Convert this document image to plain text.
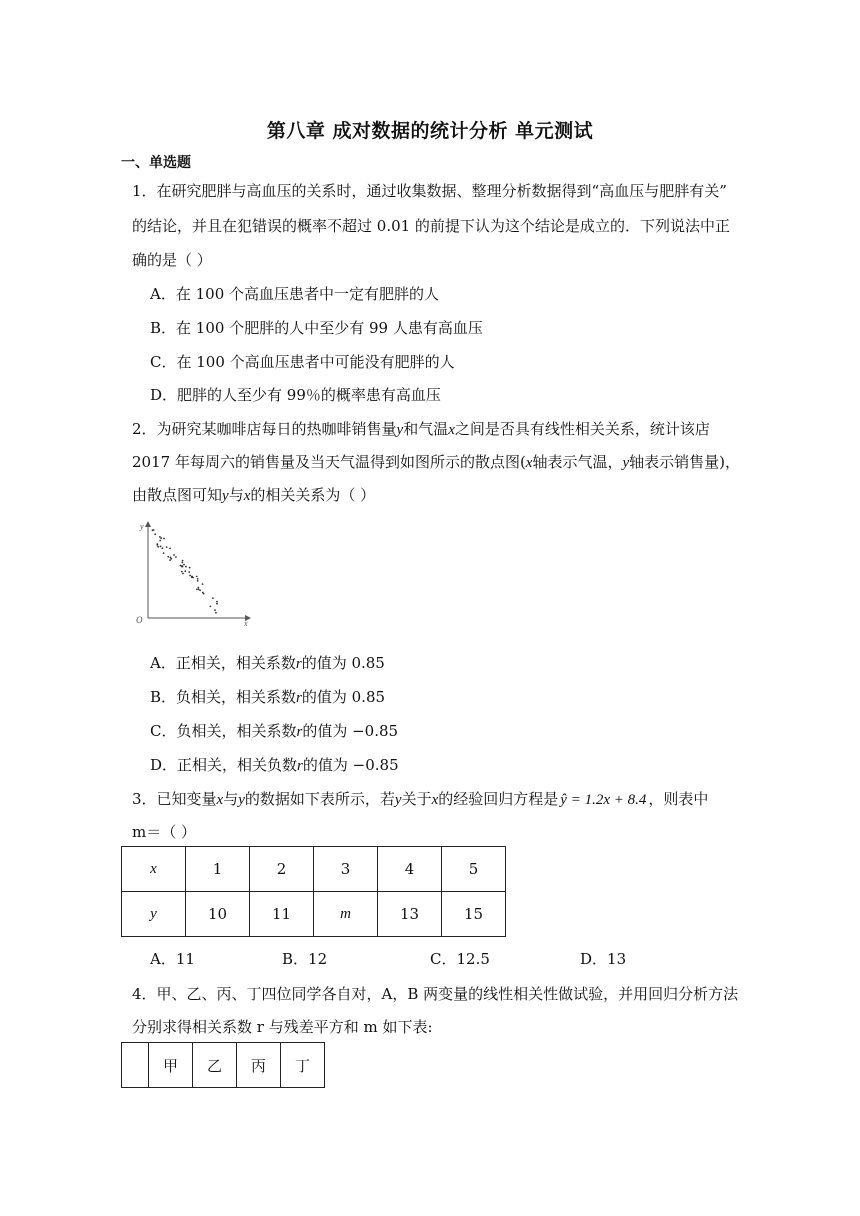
第八章 成对数据的统计分析 单元测试
一、单选题
1．在研究肥胖与高血压的关系时，通过收集数据、整理分析数据得到“高血压与肥胖有关”
的结论，并且在犯错误的概率不超过 0.01 的前提下认为这个结论是成立的．下列说法中正
确的是（ ）
A．在 100 个高血压患者中一定有肥胖的人
B．在 100 个肥胖的人中至少有 99 人患有高血压
C．在 100 个高血压患者中可能没有肥胖的人
D．肥胖的人至少有 99％的概率患有高血压
2．为研究某咖啡店每日的热咖啡销售量y和气温x之间是否具有线性相关关系，统计该店
2017 年每周六的销售量及当天气温得到如图所示的散点图(x轴表示气温，y轴表示销售量)，
由散点图可知y与x的相关关系为（ ）
y
x
O
A．正相关，相关系数r的值为 0.85
B．负相关，相关系数r的值为 0.85
C．负相关，相关系数r的值为 −0.85
D．正相关，相关负数r的值为 −0.85
3．已知变量x与y的数据如下表所示，若y关于x的经验回归方程是 ŷ = 1.2x + 8.4 ，则表中
m＝（ ）
x	1	2	3	4	5
y	10	11	m	13	15
A．11	B．12	C．12.5	D．13
4．甲、乙、丙、丁四位同学各自对，A，B 两变量的线性相关性做试验，并用回归分析方法
分别求得相关系数 r 与残差平方和 m 如下表:
	甲	乙	丙	丁
